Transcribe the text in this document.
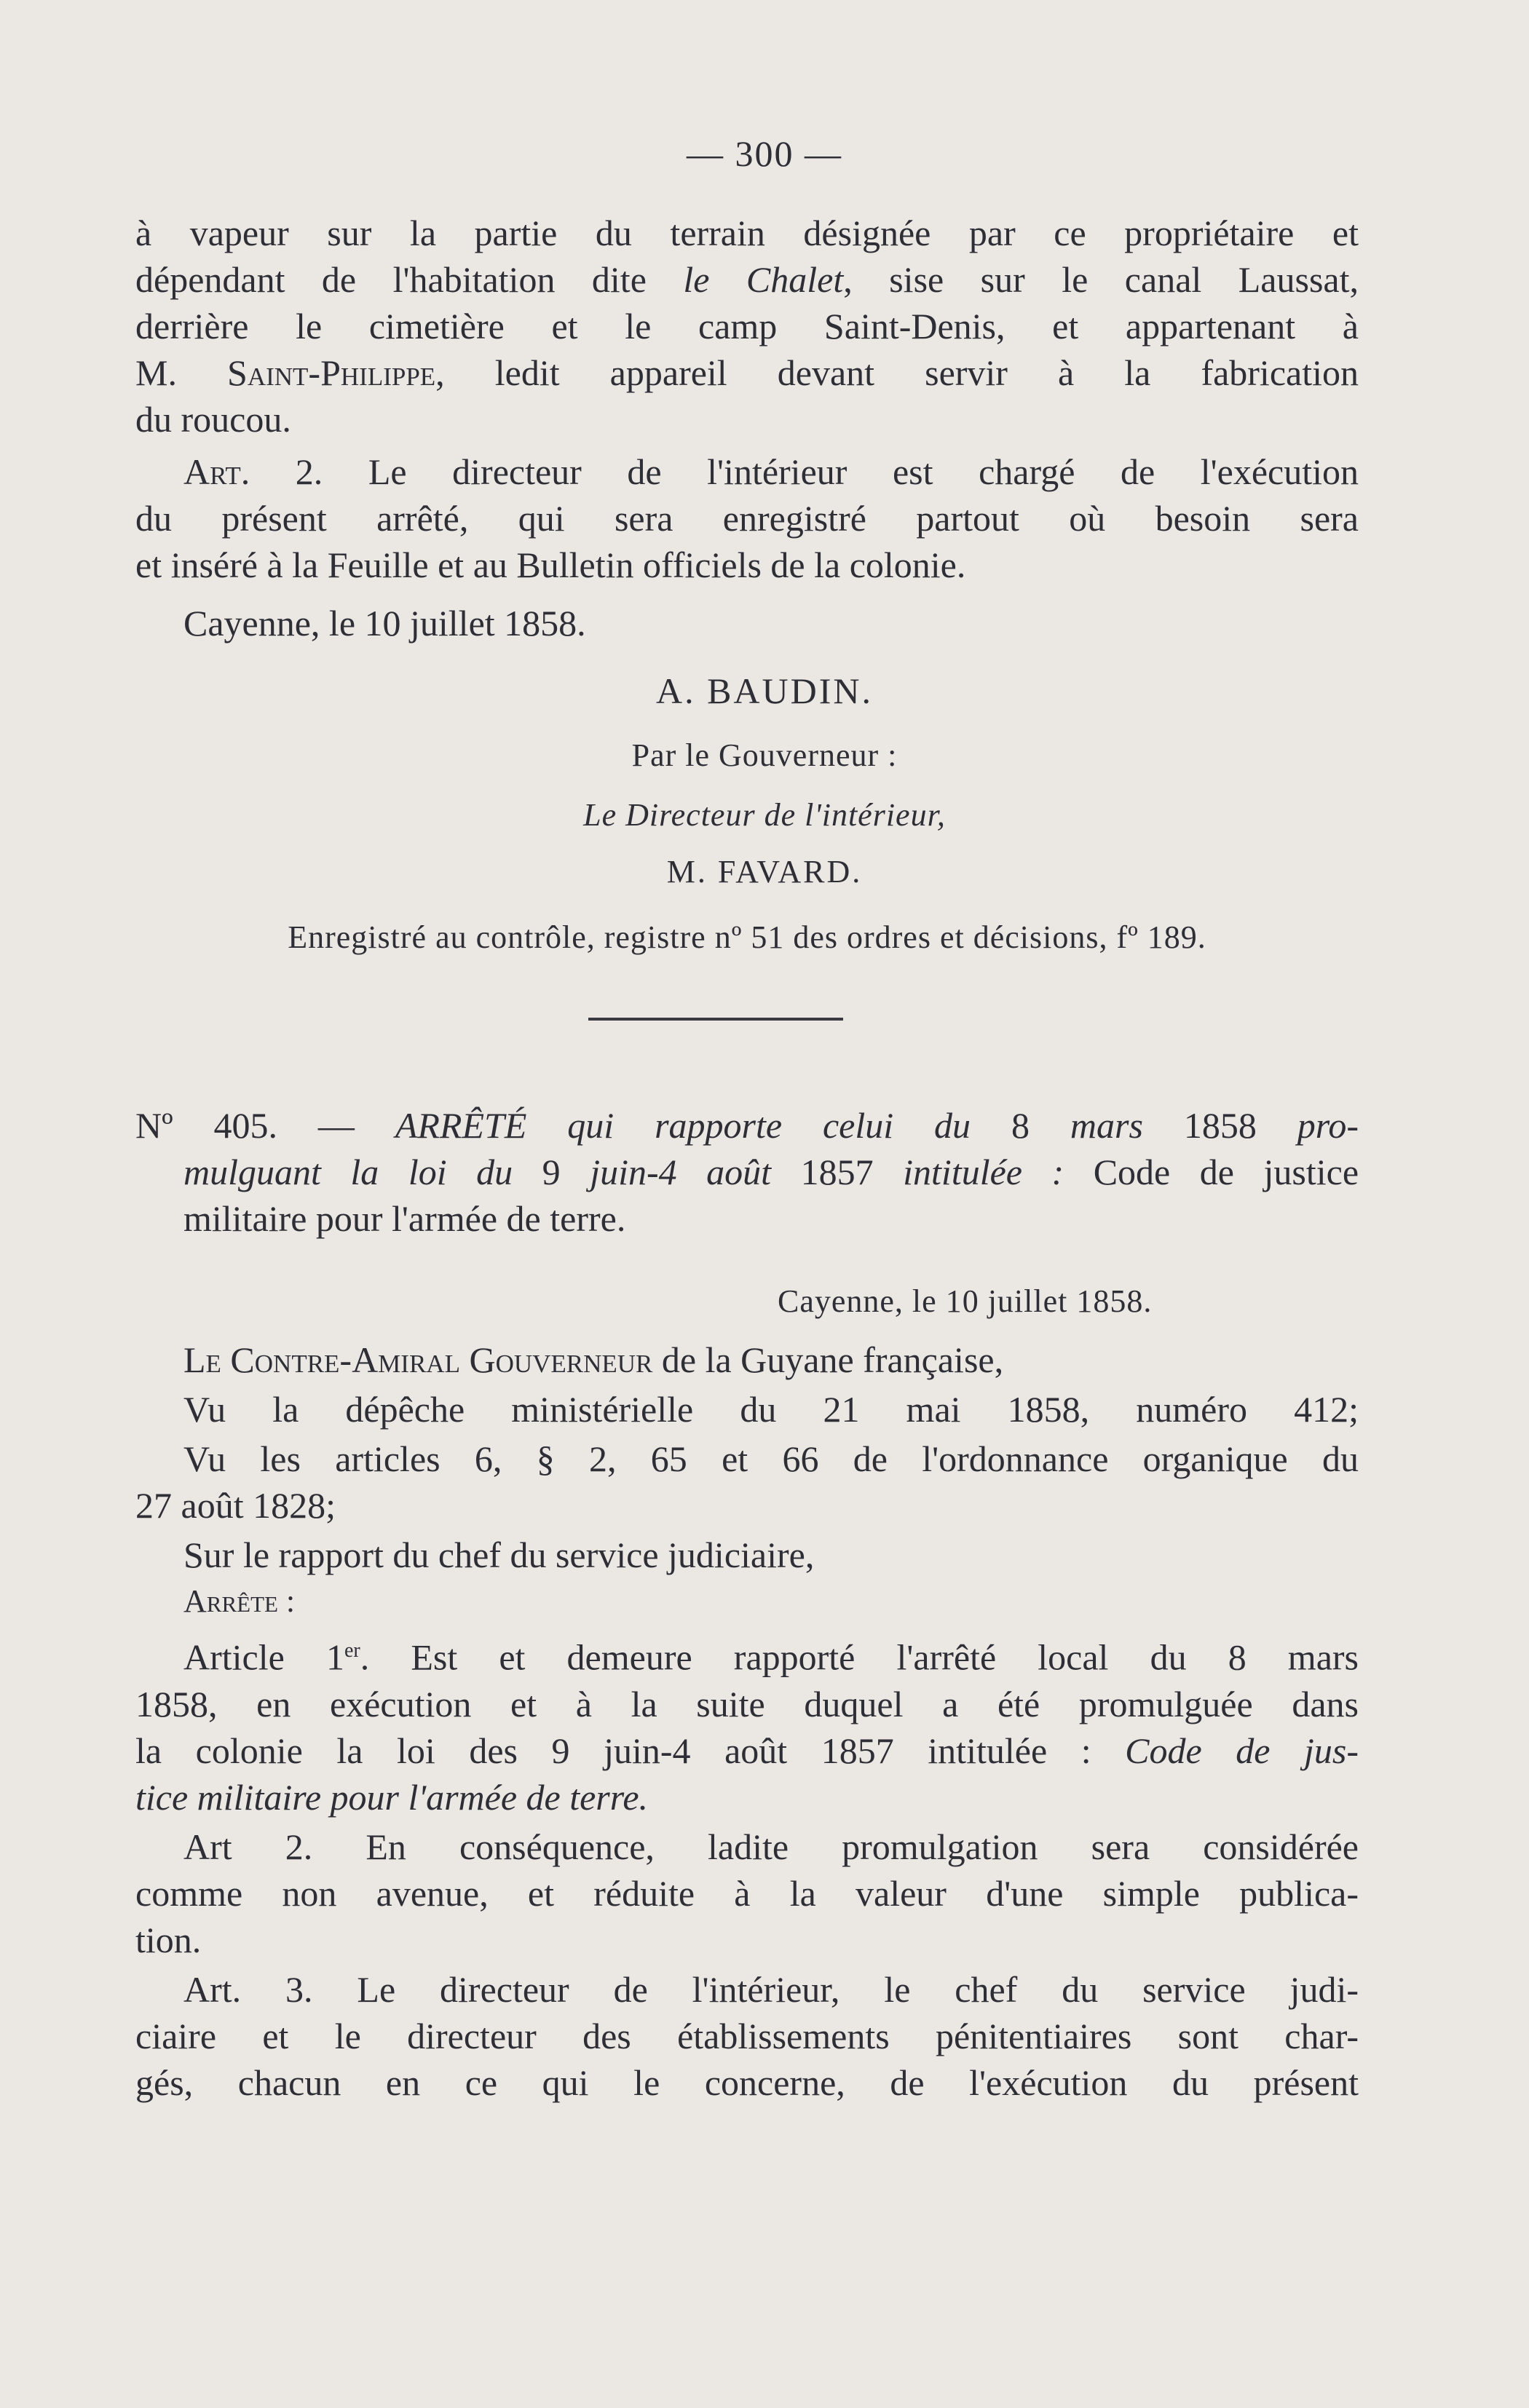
— 300 —
à vapeur sur la partie du terrain désignée par ce propriétaire et
dépendant de l'habitation dite le Chalet, sise sur le canal Laussat,
derrière le cimetière et le camp Saint-Denis, et appartenant à
M. Saint-Philippe, ledit appareil devant servir à la fabrication
du roucou.
Art. 2. Le directeur de l'intérieur est chargé de l'exécution
du présent arrêté, qui sera enregistré partout où besoin sera
et inséré à la Feuille et au Bulletin officiels de la colonie.
Cayenne, le 10 juillet 1858.
A. BAUDIN.
Par le Gouverneur :
Le Directeur de l'intérieur,
M. FAVARD.
Enregistré au contrôle, registre nº 51 des ordres et décisions, fº 189.
Nº 405. — ARRÊTÉ qui rapporte celui du 8 mars 1858 pro-
mulguant la loi du 9 juin-4 août 1857 intitulée : Code de justice
militaire pour l'armée de terre.
Cayenne, le 10 juillet 1858.
Le Contre-Amiral Gouverneur de la Guyane française,
Vu la dépêche ministérielle du 21 mai 1858, numéro 412;
Vu les articles 6, § 2, 65 et 66 de l'ordonnance organique du
27 août 1828;
Sur le rapport du chef du service judiciaire,
Arrête :
Article 1er. Est et demeure rapporté l'arrêté local du 8 mars
1858, en exécution et à la suite duquel a été promulguée dans
la colonie la loi des 9 juin-4 août 1857 intitulée : Code de jus-
tice militaire pour l'armée de terre.
Art 2. En conséquence, ladite promulgation sera considérée
comme non avenue, et réduite à la valeur d'une simple publica-
tion.
Art. 3. Le directeur de l'intérieur, le chef du service judi-
ciaire et le directeur des établissements pénitentiaires sont char-
gés, chacun en ce qui le concerne, de l'exécution du présent
